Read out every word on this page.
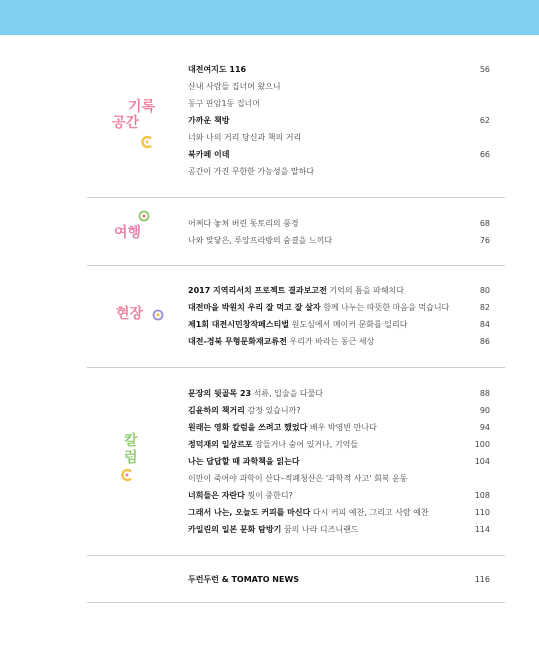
기록
공간
대전여지도 116	56
산내 사람들 집너머 왔으니
동구 판암1동 집너머
가까운 책방	62
너와 나의 거리 당신과 책의 거리
북카페 이데	66
공간이 가진 무한한 가능성을 말하다
여행
어쩌다 놓쳐 버린 돗토리의 풍경	68
나와 맞닿은, 루앙프라방의 숨결을 느끼다	76
현장
2017 지역리서치 프로젝트 결과보고전 기억의 틈을 파헤치다	80
대전마을 박원치 우리 잘 먹고 잘 살자 함께 나누는 따뜻한 마음을 먹습니다	82
제1회 대전시민창작페스티벌 원도심에서 메이커 문화를 일리다	84
대전-경북 무형문화재교류전 우리가 바라는 동근 세상	86
칼
럼
문장의 뒷골목 23 석류, 입술을 다물다	88
김윤하의 책거리 감정 있습니까?	90
원래는 영화 칼럼을 쓰려고 했었다 배우 박영빈 만나다	94
정덕재의 일상르포 잠들거나 숨어 있거나, 기억들	100
나는 답답할 때 과학책을 읽는다	104
이만이 죽어야 과학이 산다–적폐청산은 '과학적 사고' 회복 운동
너희들은 자란다 뭣이 중한디?	108
그래서 나는, 오늘도 커피를 마신다 다시 커피 예찬, 그리고 사람 예찬	110
카일린의 일본 문화 탐방기 꿈의 나라 디즈니랜드	114
두런두런 & TOMATO NEWS	116
